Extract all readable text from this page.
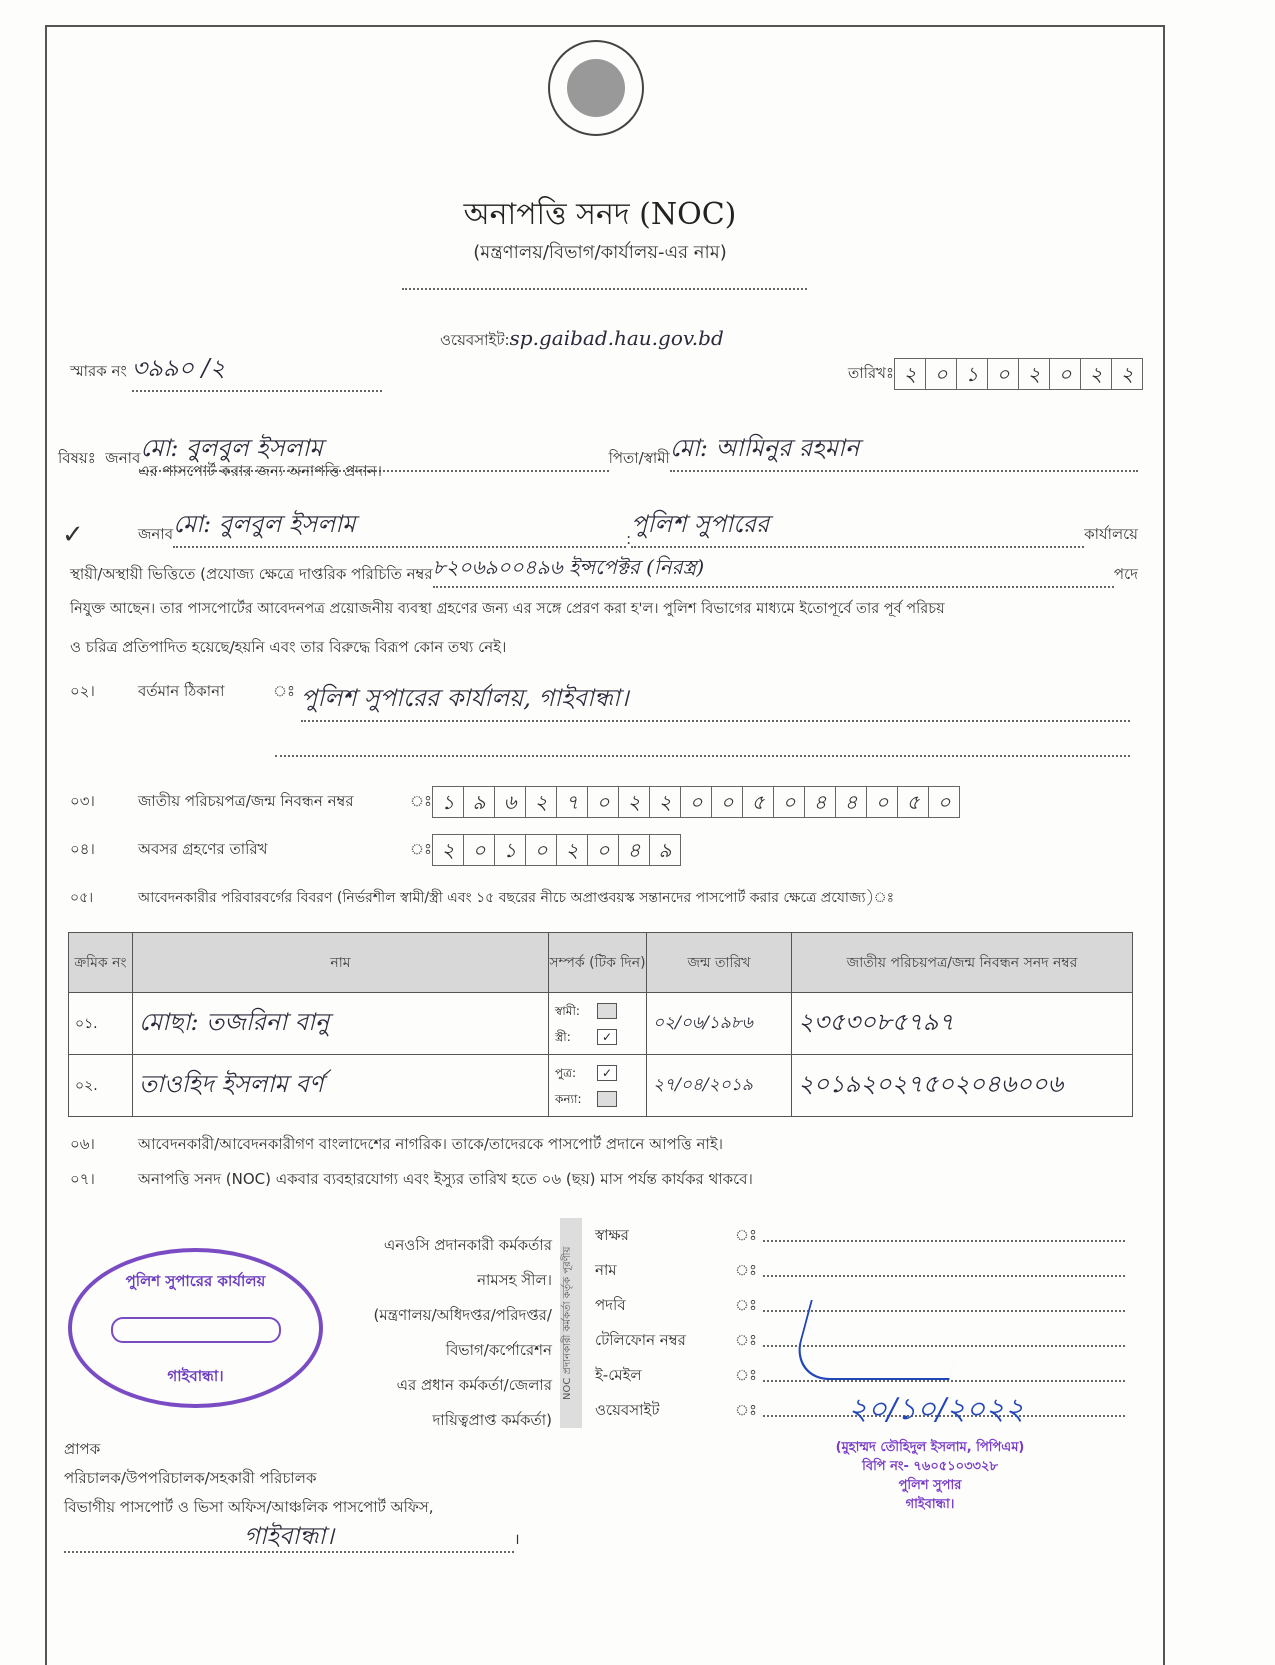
অনাপত্তি সনদ (NOC)
(মন্ত্রণালয়/বিভাগ/কার্যালয়-এর নাম)
ওয়েবসাইট:sp.gaibad.hau.gov.bd
স্মারক নং ৩৯৯০ /২	তারিখঃ ২ ০ ১ ০ ২ ০ ২ ২
বিষয়ঃ
জনাব মো: বুলবুল ইসলাম	পিতা/স্বামী মো: আমিনুর রহমান
এর পাসপোর্ট করার জন্য অনাপত্তি প্রদান।
জনাব মো: বুলবুল ইসলাম
:
পুলিশ সুপারের	কার্যালয়ে
✓
স্থায়ী/অস্থায়ী ভিত্তিতে (প্রযোজ্য ক্ষেত্রে দাপ্তরিক পরিচিতি নম্বর ৮২০৬৯০০৪৯৬ ইন্সপেক্টর (নিরস্ত্র)	পদে
নিযুক্ত আছেন। তার পাসপোর্টের আবেদনপত্র প্রয়োজনীয় ব্যবস্থা গ্রহণের জন্য এর সঙ্গে প্রেরণ করা হ'ল। পুলিশ বিভাগের মাধ্যমে ইতোপূর্বে তার পূর্ব পরিচয়
ও চরিত্র প্রতিপাদিত হয়েছে/হয়নি এবং তার বিরুদ্ধে বিরূপ কোন তথ্য নেই।
০২।	বর্তমান ঠিকানা	ঃ পুলিশ সুপারের কার্যালয়, গাইবান্ধা।
০৩।	জাতীয় পরিচয়পত্র/জন্ম নিবন্ধন নম্বর	ঃ ১ ৯ ৬ ২ ৭ ০ ২ ২ ০ ০ ৫ ০ ৪ ৪ ০ ৫ ০
০৪।	অবসর গ্রহণের তারিখ	ঃ ২ ০ ১ ০ ২ ০ ৪ ৯
০৫।	আবেদনকারীর পরিবারবর্গের বিবরণ (নির্ভরশীল স্বামী/স্ত্রী এবং ১৫ বছরের নীচে অপ্রাপ্তবয়স্ক সন্তানদের পাসপোর্ট করার ক্ষেত্রে প্রযোজ্য)ঃ
ক্রমিক নং	নাম	সম্পর্ক (টিক দিন)	জন্ম তারিখ	জাতীয় পরিচয়পত্র/জন্ম নিবন্ধন সনদ নম্বর
০১.	মোছা: তজরিনা বানু	স্বামী:
স্ত্রী: ✓	০২/০৬/১৯৮৬	২৩৫৩০৮৫৭৯৭
০২.	তাওহিদ ইসলাম বর্ণ	পুত্র: ✓
কন্যা:	২৭/০৪/২০১৯	২০১৯২০২৭৫০২০৪৬০০৬
০৬।	আবেদনকারী/আবেদনকারীগণ বাংলাদেশের নাগরিক। তাকে/তাদেরকে পাসপোর্ট প্রদানে আপত্তি নাই।
০৭।	অনাপত্তি সনদ (NOC) একবার ব্যবহারযোগ্য এবং ইস্যুর তারিখ হতে ০৬ (ছয়) মাস পর্যন্ত কার্যকর থাকবে।
পুলিশ সুপারের কার্যালয়
গাইবান্ধা।
এনওসি প্রদানকারী কর্মকর্তার
নামসহ সীল।
(মন্ত্রণালয়/অধিদপ্তর/পরিদপ্তর/
বিভাগ/কর্পোরেশন
এর প্রধান কর্মকর্তা/জেলার
দায়িত্বপ্রাপ্ত কর্মকর্তা)
NOC প্রদানকারী কর্মকর্তা কর্তৃক পূরণীয়
স্বাক্ষর	ঃ
নাম	ঃ
পদবি	ঃ
টেলিফোন নম্বর	ঃ
ই-মেইল	ঃ
ওয়েবসাইট	ঃ	২০/১০/২০২২
(মুহাম্মদ তৌহিদুল ইসলাম, পিপিএম)
বিপি নং- ৭৬০৫১০৩৩২৮
পুলিশ সুপার
গাইবান্ধা।
প্রাপক
পরিচালক/উপপরিচালক/সহকারী পরিচালক
বিভাগীয় পাসপোর্ট ও ভিসা অফিস/আঞ্চলিক পাসপোর্ট অফিস,
গাইবান্ধা।	।
